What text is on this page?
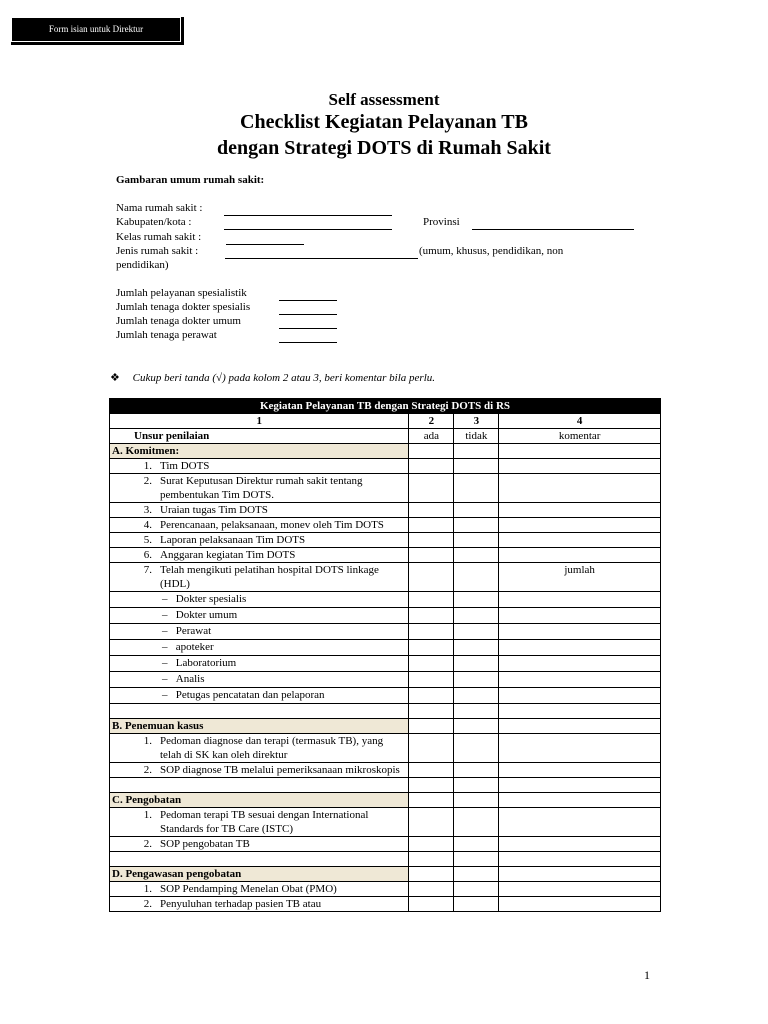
Form isian untuk Direktur
Self assessment
Checklist Kegiatan Pelayanan TB
dengan Strategi DOTS di Rumah Sakit
Gambaran umum rumah sakit:
Nama rumah sakit :
Kabupaten/kota :	Provinsi
Kelas rumah sakit :
Jenis rumah sakit :	(umum, khusus, pendidikan, non
pendidikan)
Jumlah pelayanan spesialistik
Jumlah tenaga dokter spesialis
Jumlah tenaga dokter umum
Jumlah tenaga perawat
❖ Cukup beri tanda (√) pada kolom 2 atau 3, beri komentar bila perlu.
Kegiatan Pelayanan TB dengan Strategi DOTS di RS			
1	2	3	4
Unsur penilaian	ada	tidak	komentar
A. Komitmen:			
1. Tim DOTS			

2. Surat Keputusan Direktur rumah sakit tentang pembentukan Tim DOTS.			

3. Uraian tugas Tim DOTS			

4. Perencanaan, pelaksanaan, monev oleh Tim DOTS			

5. Laporan pelaksanaan Tim DOTS			
6. Anggaran kegiatan Tim DOTS			

7. Telah mengikuti pelatihan hospital DOTS linkage (HDL)			jumlah
–   Dokter spesialis			
–   Dokter umum			
–   Perawat			
–   apoteker			
–   Laboratorium			
–   Analis			
–   Petugas pencatatan dan pelaporan			

B. Penemuan kasus			

1. Pedoman diagnose dan terapi (termasuk TB), yang telah di SK kan oleh direktur			

2. SOP diagnose TB melalui pemeriksanaan mikroskopis			

C. Pengobatan			

1. Pedoman terapi TB sesuai dengan International Standards for TB Care (ISTC)			

2. SOP pengobatan TB			

D. Pengawasan pengobatan			
1. SOP Pendamping Menelan Obat (PMO)			
2. Penyuluhan terhadap pasien TB atau			
1
